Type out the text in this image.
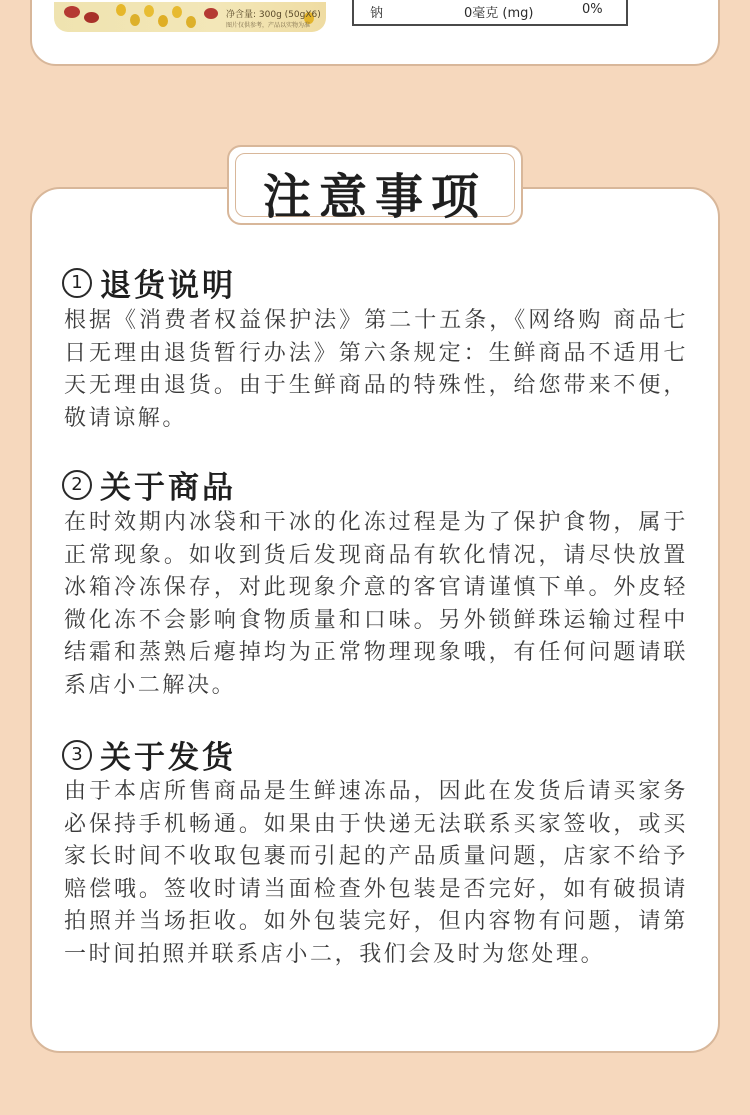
净含量: 300g (50gX6)
图片仅供参考，产品以实物为准
钠	0毫克 (mg)	0%
注意事项
1 退货说明
根据《消费者权益保护法》第二十五条，《网络购 商品七日无理由退货暂行办法》第六条规定：生鲜商品不适用七天无理由退货。由于生鲜商品的特殊性，给您带来不便，敬请谅解。
2 关于商品
在时效期内冰袋和干冰的化冻过程是为了保护食物，属于正常现象。如收到货后发现商品有软化情况，请尽快放置冰箱冷冻保存，对此现象介意的客官请谨慎下单。外皮轻微化冻不会影响食物质量和口味。另外锁鲜珠运输过程中结霜和蒸熟后瘪掉均为正常物理现象哦，有任何问题请联系店小二解决。
3 关于发货
由于本店所售商品是生鲜速冻品，因此在发货后请买家务必保持手机畅通。如果由于快递无法联系买家签收，或买家长时间不收取包裹而引起的产品质量问题，店家不给予赔偿哦。签收时请当面检查外包装是否完好，如有破损请拍照并当场拒收。如外包装完好，但内容物有问题，请第一时间拍照并联系店小二，我们会及时为您处理。
